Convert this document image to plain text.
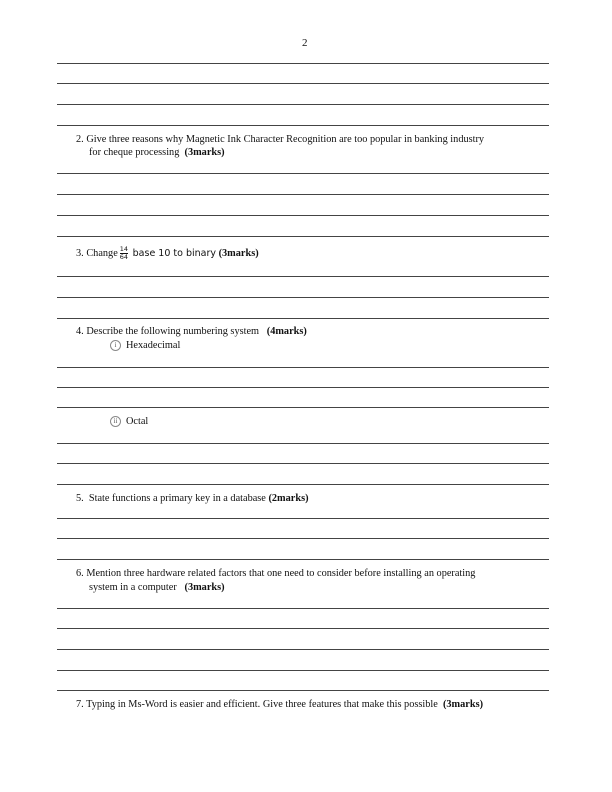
2
2. Give three reasons why Magnetic Ink Character Recognition are too popular in banking industry
for cheque processing (3marks)
3. Change $\frac{14}{64}$ base 10 to binary (3marks)
4. Describe the following numbering system (4marks)
i Hexadecimal
ii Octal
5. State functions a primary key in a database (2marks)
6. Mention three hardware related factors that one need to consider before installing an operating
system in a computer (3marks)
7. Typing in Ms-Word is easier and efficient. Give three features that make this possible (3marks)
